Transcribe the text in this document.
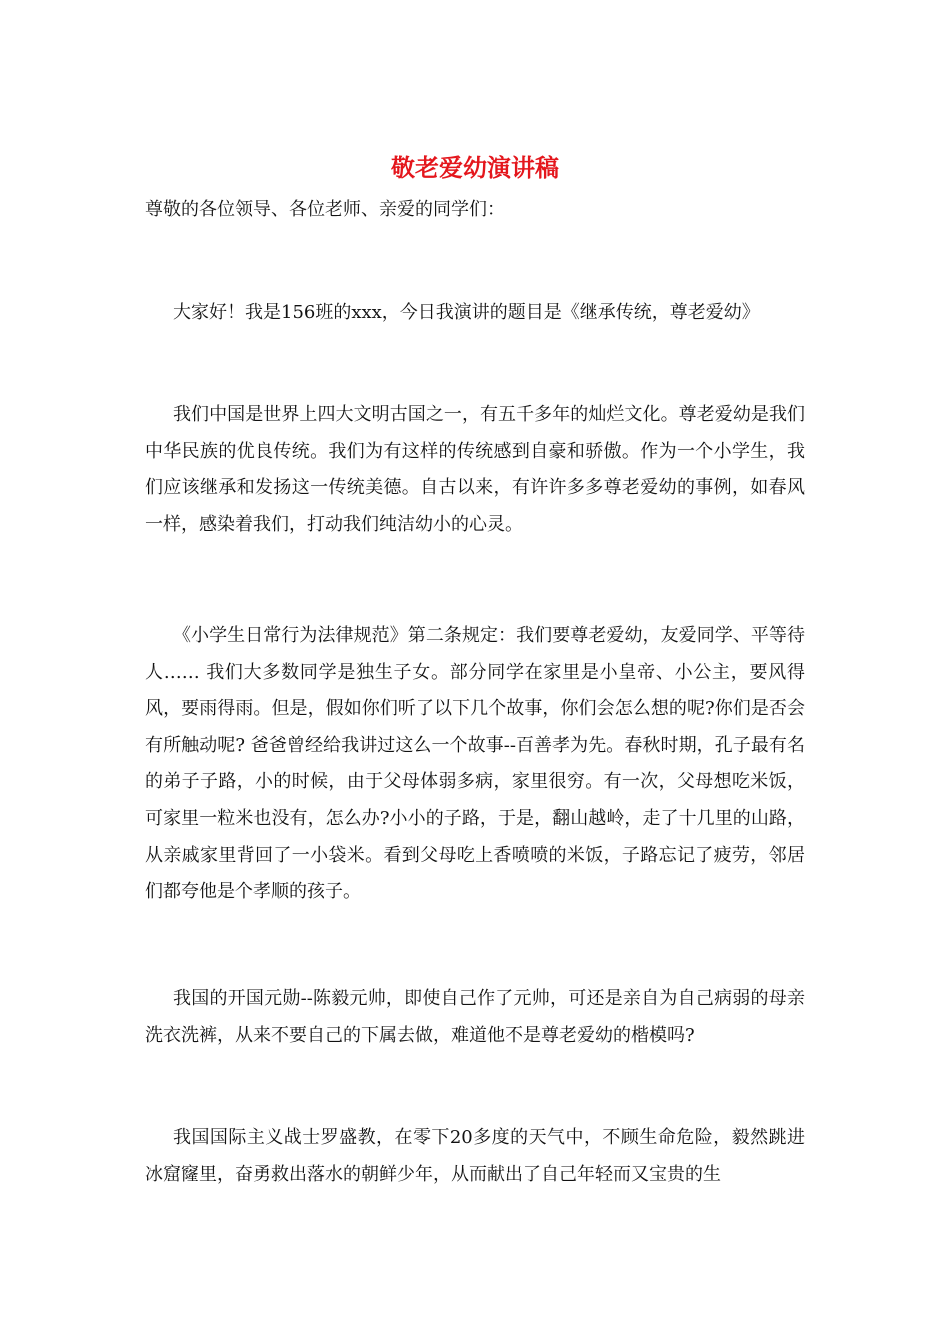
敬老爱幼演讲稿

尊敬的各位领导、各位老师、亲爱的同学们：

大家好！我是156班的xxx，今日我演讲的题目是《继承传统，尊老爱幼》

我们中国是世界上四大文明古国之一，有五千多年的灿烂文化。尊老爱幼是我们中华民族的优良传统。我们为有这样的传统感到自豪和骄傲。作为一个小学生，我们应该继承和发扬这一传统美德。自古以来，有许许多多尊老爱幼的事例，如春风一样，感染着我们，打动我们纯洁幼小的心灵。

《小学生日常行为法律规范》第二条规定：我们要尊老爱幼，友爱同学、平等待人…… 我们大多数同学是独生子女。部分同学在家里是小皇帝、小公主，要风得风，要雨得雨。但是，假如你们听了以下几个故事，你们会怎么想的呢?你们是否会有所触动呢? 爸爸曾经给我讲过这么一个故事--百善孝为先。春秋时期，孔子最有名的弟子子路，小的时候，由于父母体弱多病，家里很穷。有一次，父母想吃米饭，可家里一粒米也没有，怎么办?小小的子路，于是，翻山越岭，走了十几里的山路，从亲戚家里背回了一小袋米。看到父母吃上香喷喷的米饭，子路忘记了疲劳，邻居们都夸他是个孝顺的孩子。

我国的开国元勋--陈毅元帅，即使自己作了元帅，可还是亲自为自己病弱的母亲洗衣洗裤，从来不要自己的下属去做，难道他不是尊老爱幼的楷模吗?

我国国际主义战士罗盛教，在零下20多度的天气中，不顾生命危险，毅然跳进冰窟窿里，奋勇救出落水的朝鲜少年，从而献出了自己年轻而又宝贵的生
